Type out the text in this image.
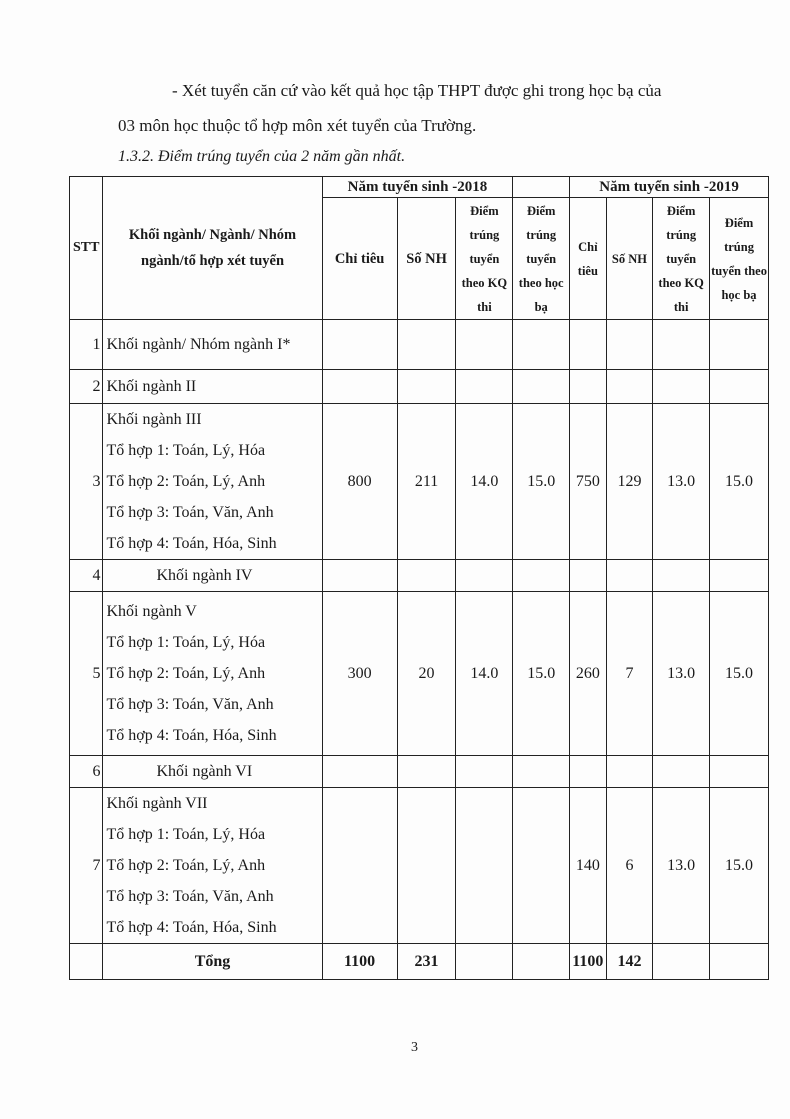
- Xét tuyển căn cứ vào kết quả học tập THPT được ghi trong học bạ của
03 môn học thuộc tổ hợp môn xét tuyển của Trường.
1.3.2. Điểm trúng tuyển của 2 năm gần nhất.
STT	Khối ngành/ Ngành/ Nhóm ngành/tổ hợp xét tuyển	Năm tuyển sinh -2018				Năm tuyển sinh -2019			
		Chỉ tiêu	Số NH	Điểm trúng tuyển theo KQ thi	Điểm trúng tuyển theo học bạ	Chỉ tiêu	Số NH	Điểm trúng tuyển theo KQ thi	Điểm trúng tuyển theo học bạ
1	Khối ngành/ Nhóm ngành I*								

2	Khối ngành II								

3	Khối ngành III
Tổ hợp 1: Toán, Lý, Hóa
Tổ hợp 2: Toán, Lý, Anh
Tổ hợp 3: Toán, Văn, Anh
Tổ hợp 4: Toán, Hóa, Sinh	800	211	14.0	15.0	750	129	13.0	15.0
4	Khối ngành IV								

5	Khối ngành V
Tổ hợp 1: Toán, Lý, Hóa
Tổ hợp 2: Toán, Lý, Anh
Tổ hợp 3: Toán, Văn, Anh
Tổ hợp 4: Toán, Hóa, Sinh	300	20	14.0	15.0	260	7	13.0	15.0
6	Khối ngành VI								

7	Khối ngành VII
Tổ hợp 1: Toán, Lý, Hóa
Tổ hợp 2: Toán, Lý, Anh
Tổ hợp 3: Toán, Văn, Anh
Tổ hợp 4: Toán, Hóa, Sinh					140	6	13.0	15.0
	Tổng	1100	231			1100	142		
3
